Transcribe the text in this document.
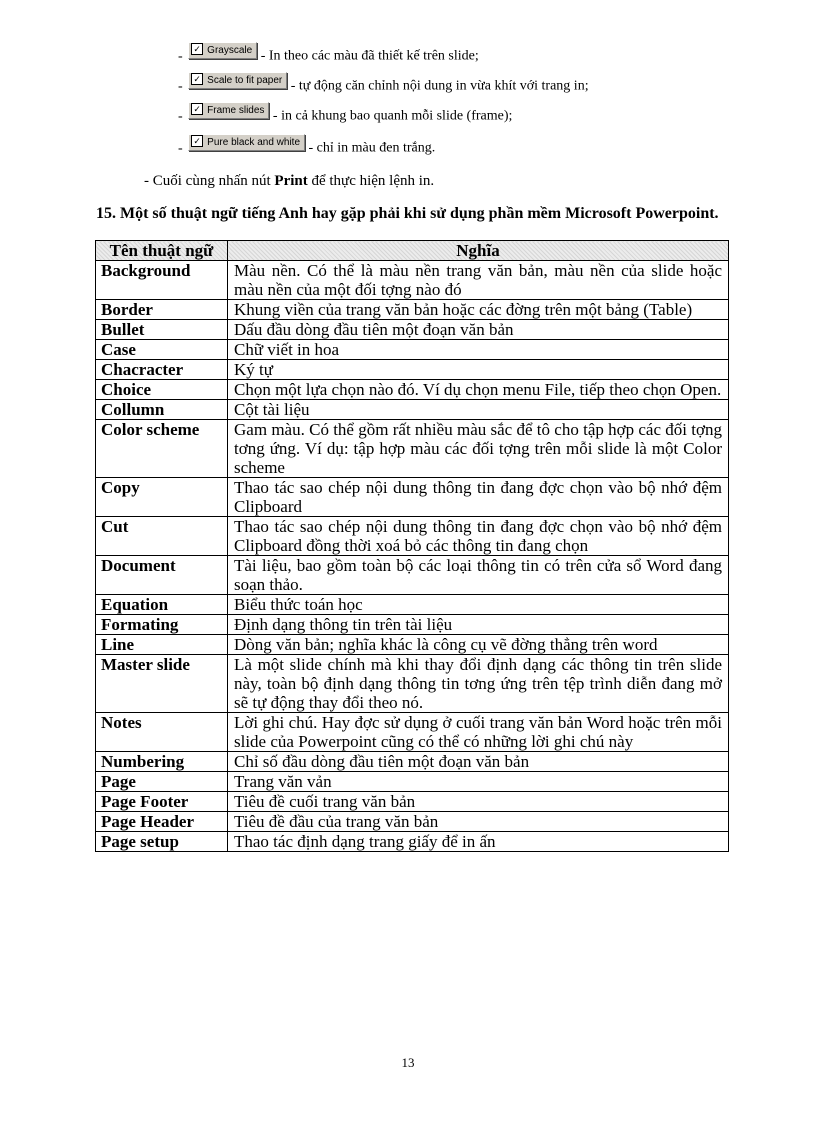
- ✓ Grayscale - In theo các màu đã thiết kế trên slide;
- ✓ Scale to fit paper - tự động căn chỉnh nội dung in vừa khít với trang in;
- ✓ Frame slides - in cả khung bao quanh mỗi slide (frame);
- ✓ Pure black and white - chỉ in màu đen trắng.
- Cuối cùng nhấn nút Print để thực hiện lệnh in.
15. Một số thuật ngữ tiếng Anh hay gặp phải khi sử dụng phần mềm Microsoft Powerpoint.
Tên thuật ngữ	Nghĩa
Background	Màu nền. Có thể là màu nền trang văn bản, màu nền của slide hoặc màu nền của một đối tợng nào đó
Border	Khung viền của trang văn bản hoặc các đờng trên một bảng (Table)
Bullet	Dấu đầu dòng đầu tiên một đoạn văn bản
Case	Chữ viết in hoa
Chacracter	Ký tự
Choice	Chọn một lựa chọn nào đó. Ví dụ chọn menu File, tiếp theo chọn Open.
Collumn	Cột tài liệu
Color scheme	Gam màu. Có thể gồm rất nhiều màu sắc để tô cho tập hợp các đối tợng tơng ứng. Ví dụ: tập hợp màu các đối tợng trên mỗi slide là một Color scheme
Copy	Thao tác sao chép nội dung thông tin đang đợc chọn vào bộ nhớ đệm Clipboard
Cut	Thao tác sao chép nội dung thông tin đang đợc chọn vào bộ nhớ đệm Clipboard đồng thời xoá bỏ các thông tin đang chọn
Document	Tài liệu, bao gồm toàn bộ các loại thông tin có trên cửa sổ Word đang soạn thảo.
Equation	Biểu thức toán học
Formating	Định dạng thông tin trên tài liệu
Line	Dòng văn bản; nghĩa khác là công cụ vẽ đờng thẳng trên word
Master slide	Là một slide chính mà khi thay đổi định dạng các thông tin trên slide này, toàn bộ định dạng thông tin tơng ứng trên tệp trình diễn đang mở sẽ tự động thay đổi theo nó.
Notes	Lời ghi chú. Hay đợc sử dụng ở cuối trang văn bản Word hoặc trên mỗi slide của Powerpoint cũng có thể có những lời ghi chú này
Numbering	Chỉ số đầu dòng đầu tiên một đoạn văn bản
Page	Trang văn vản
Page Footer	Tiêu đề cuối trang văn bản
Page Header	Tiêu đề đầu của trang văn bản
Page setup	Thao tác định dạng trang giấy để in ấn
13
